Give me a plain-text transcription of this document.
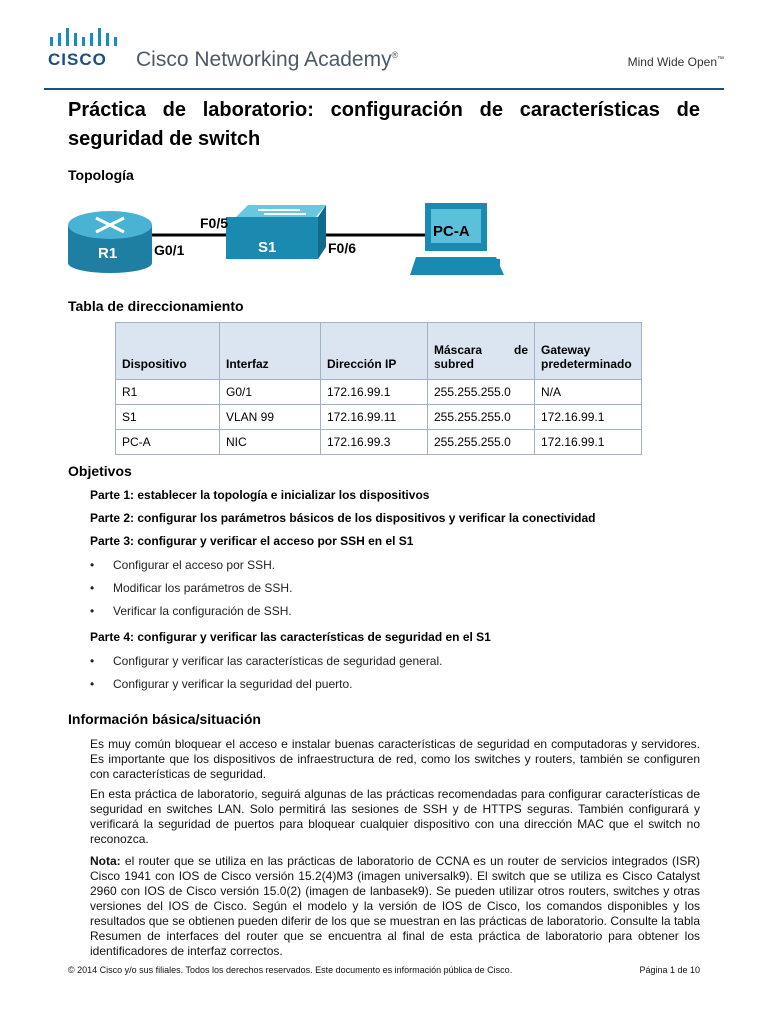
CISCO Cisco Networking Academy®	Mind Wide Open™
Práctica de laboratorio: configuración de características de seguridad de switch
Topología
R1	S1
PC-A
F0/5
G0/1	F0/6
Tabla de direccionamiento
Dispositivo	Interfaz	Dirección IP	Máscara de subred	Gateway predeterminado
R1	G0/1	172.16.99.1	255.255.255.0	N/A
S1	VLAN 99	172.16.99.11	255.255.255.0	172.16.99.1
PC-A	NIC	172.16.99.3	255.255.255.0	172.16.99.1
Objetivos
Parte 1: establecer la topología e inicializar los dispositivos
Parte 2: configurar los parámetros básicos de los dispositivos y verificar la conectividad
Parte 3: configurar y verificar el acceso por SSH en el S1
• Configurar el acceso por SSH.
• Modificar los parámetros de SSH.
• Verificar la configuración de SSH.
Parte 4: configurar y verificar las características de seguridad en el S1
• Configurar y verificar las características de seguridad general.
• Configurar y verificar la seguridad del puerto.
Información básica/situación
Es muy común bloquear el acceso e instalar buenas características de seguridad en computadoras y servidores. Es importante que los dispositivos de infraestructura de red, como los switches y routers, también se configuren con características de seguridad.
En esta práctica de laboratorio, seguirá algunas de las prácticas recomendadas para configurar características de seguridad en switches LAN. Solo permitirá las sesiones de SSH y de HTTPS seguras. También configurará y verificará la seguridad de puertos para bloquear cualquier dispositivo con una dirección MAC que el switch no reconozca.
Nota: el router que se utiliza en las prácticas de laboratorio de CCNA es un router de servicios integrados (ISR) Cisco 1941 con IOS de Cisco versión 15.2(4)M3 (imagen universalk9). El switch que se utiliza es Cisco Catalyst 2960 con IOS de Cisco versión 15.0(2) (imagen de lanbasek9). Se pueden utilizar otros routers, switches y otras versiones del IOS de Cisco. Según el modelo y la versión de IOS de Cisco, los comandos disponibles y los resultados que se obtienen pueden diferir de los que se muestran en las prácticas de laboratorio. Consulte la tabla Resumen de interfaces del router que se encuentra al final de esta práctica de laboratorio para obtener los identificadores de interfaz correctos.
© 2014 Cisco y/o sus filiales. Todos los derechos reservados. Este documento es información pública de Cisco.	Página 1 de 10
